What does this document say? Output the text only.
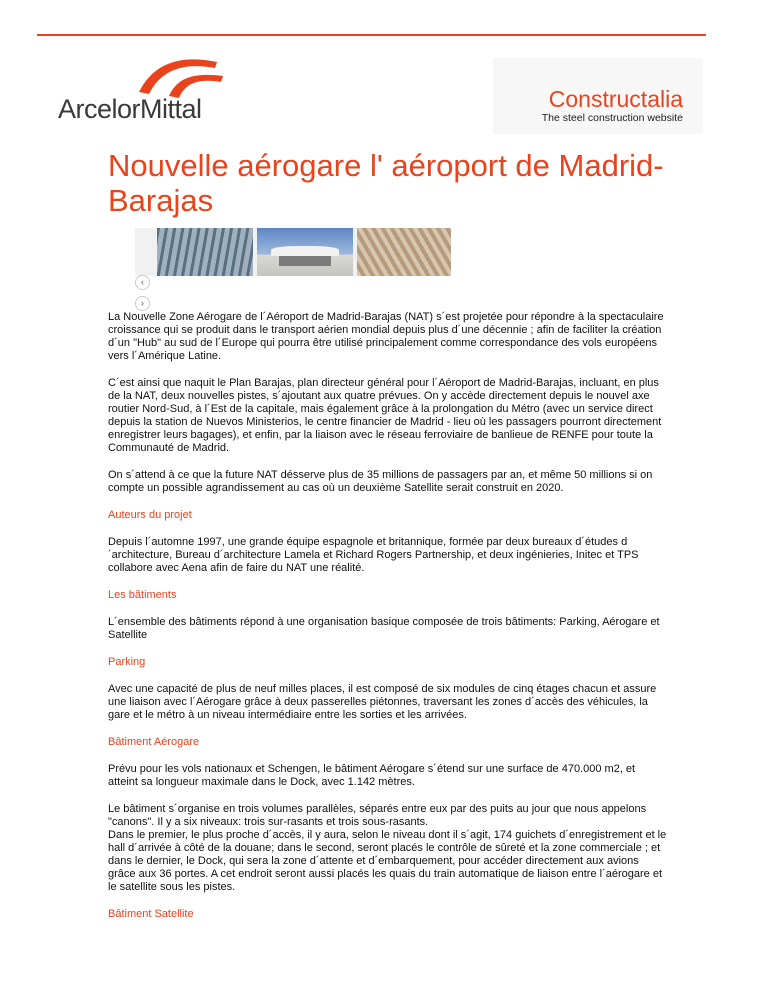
ArcelorMittal	Constructalia
The steel construction website
Nouvelle aérogare l' aéroport de Madrid- Barajas
‹
›

La Nouvelle Zone Aérogare de l´Aéroport de Madrid-Barajas (NAT) s´est projetée pour répondre à la spectaculaire croissance qui se produit dans le transport aérien mondial depuis plus d´une décennie ; afin de faciliter la création d´un "Hub" au sud de l´Europe qui pourra être utilisé principalement comme correspondance des vols européens vers l´Amérique Latine.

C´est ainsi que naquit le Plan Barajas, plan directeur général pour l´Aéroport de Madrid-Barajas, incluant, en plus de la NAT, deux nouvelles pistes, s´ajoutant aux quatre prévues. On y accède directement depuis le nouvel axe routier Nord-Sud, à l´Est de la capitale, mais également grâce à la prolongation du Métro (avec un service direct depuis la station de Nuevos Ministerios, le centre financier de Madrid - lieu où les passagers pourront directement enregistrer leurs bagages), et enfin, par la liaison avec le réseau ferroviaire de banlieue de RENFE pour toute la Communauté de Madrid.

On s´attend à ce que la future NAT désserve plus de 35 millions de passagers par an, et même 50 millions si on compte un possible agrandissement au cas où un deuxième Satellite serait construit en 2020.

Auteurs du projet

Depuis l´automne 1997, une grande équipe espagnole et britannique, formée par deux bureaux d´études d´architecture, Bureau d´architecture Lamela et Richard Rogers Partnership, et deux ingénieries, Initec et TPS collabore avec Aena afin de faire du NAT une réalité.

Les bâtiments

L´ensemble des bâtiments répond à une organisation basique composée de trois bâtiments: Parking, Aérogare et Satellite

Parking

Avec une capacité de plus de neuf milles places, il est composé de six modules de cinq étages chacun et assure une liaison avec l´Aérogare grâce à deux passerelles piétonnes, traversant les zones d´accès des véhicules, la gare et le métro à un niveau intermédiaire entre les sorties et les arrivées.

Bâtiment Aérogare

Prévu pour les vols nationaux et Schengen, le bâtiment Aérogare s´étend sur une surface de 470.000 m2, et atteint sa longueur maximale dans le Dock, avec 1.142 mètres.

Le bâtiment s´organise en trois volumes parallèles, séparés entre eux par des puits au jour que nous appelons "canons". Il y a six niveaux: trois sur-rasants et trois sous-rasants.
Dans le premier, le plus proche d´accès, il y aura, selon le niveau dont il s´agit, 174 guichets d´enregistrement et le hall d´arrivée à côté de la douane; dans le second, seront placés le contrôle de sûreté et la zone commerciale ; et dans le dernier, le Dock, qui sera la zone d´attente et d´embarquement, pour accéder directement aux avions grâce aux 36 portes. A cet endroit seront aussi placés les quais du train automatique de liaison entre l´aérogare et le satellite sous les pistes.

Bâtiment Satellite
